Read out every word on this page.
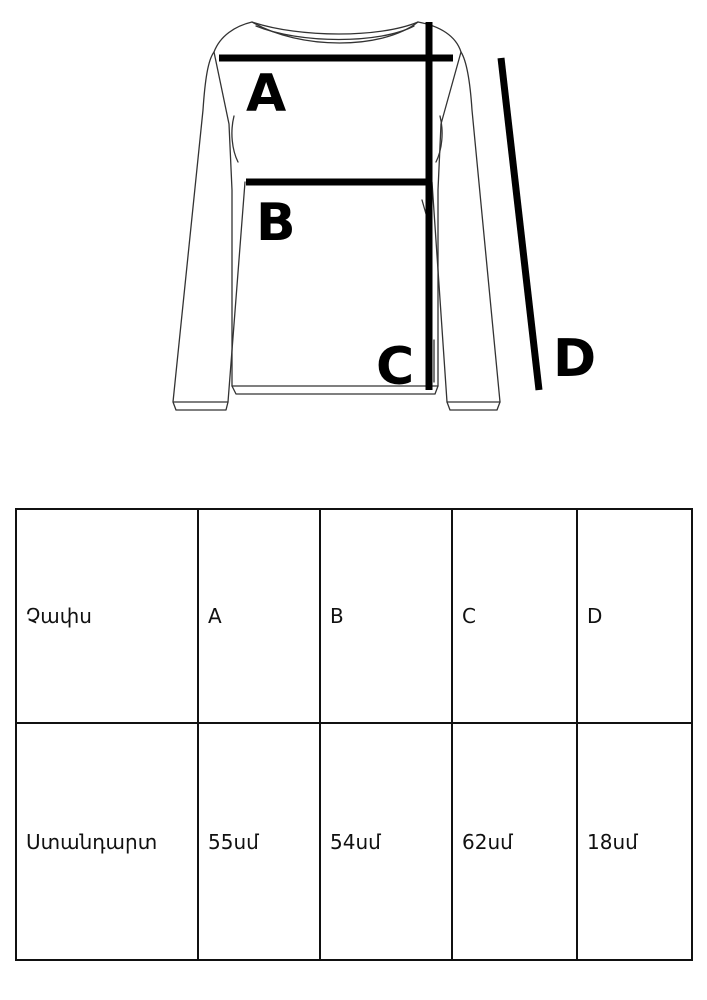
A
B
C	D
Չափս	A	B	C	D
Ստանդարտ	55սմ	54սմ	62սմ	18սմ
